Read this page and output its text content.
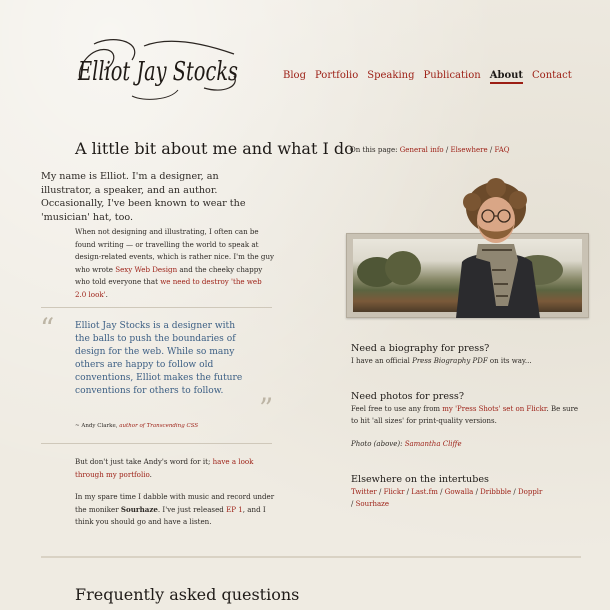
Elliot Jay Stocks	Blog Portfolio Speaking Publication About Contact
A little bit about me and what I do
My name is Elliot. I'm a designer, an illustrator, a speaker, and an author. Occasionally, I've been known to wear the 'musician' hat, too.
When not designing and illustrating, I often can be found writing — or travelling the world to speak at design-related events, which is rather nice. I'm the guy who wrote Sexy Web Design and the cheeky chappy who told everyone that we need to destroy 'the web 2.0 look'.
“ Elliot Jay Stocks is a designer with the balls to push the boundaries of design for the web. While so many others are happy to follow old conventions, Elliot makes the future conventions for others to follow.
”
~ Andy Clarke, author of Transcending CSS
But don't just take Andy's word for it; have a look through my portfolio.
In my spare time I dabble with music and record under the moniker Sourhaze. I've just released EP 1, and I think you should go and have a listen.
Frequently asked questions
On this page: General info / Elsewhere / FAQ
Need a biography for press?
I have an official Press Biography PDF on its way...
Need photos for press?
Feel free to use any from my 'Press Shots' set on Flickr. Be sure to hit 'all sizes' for print-quality versions.
Photo (above): Samantha Cliffe
Elsewhere on the intertubes
Twitter / Flickr / Last.fm / Gowalla / Dribbble / Dopplr
/ Sourhaze
